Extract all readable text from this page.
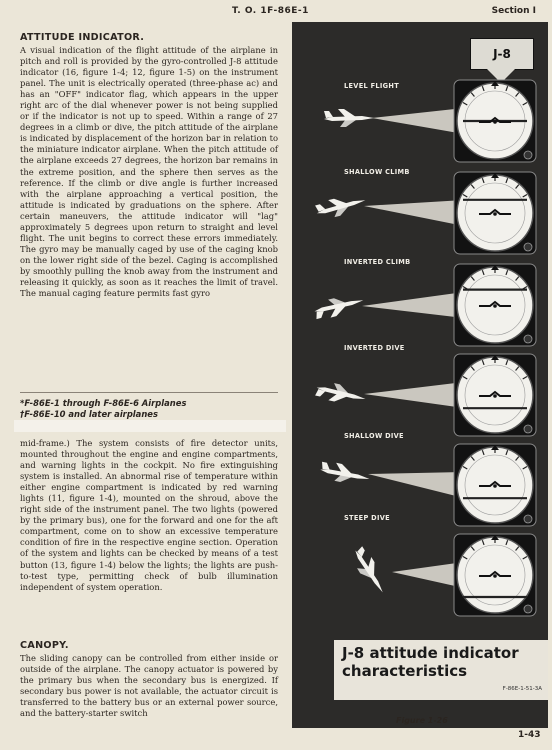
T. O. 1F-86E-1	Section I
ATTITUDE INDICATOR.

A visual indication of the flight attitude of the airplane in pitch and roll is provided by the gyro-controlled J-8 attitude indicator (16, figure 1-4; 12, figure 1-5) on the instrument panel. The unit is electrically operated (three-phase ac) and has an "OFF" indicator flag, which appears in the upper right arc of the dial whenever power is not being supplied or if the indicator is not up to speed. Within a range of 27 degrees in a climb or dive, the pitch attitude of the airplane is indicated by displacement of the horizon bar in relation to the miniature indicator airplane. When the pitch attitude of the airplane exceeds 27 degrees, the horizon bar remains in the extreme position, and the sphere then serves as the reference. If the climb or dive angle is further increased with the airplane approaching a vertical position, the attitude is indicated by graduations on the sphere. After certain maneuvers, the attitude indicator will "lag" approximately 5 degrees upon return to straight and level flight. The unit begins to correct these errors immediately. The gyro may be manually caged by use of the caging knob on the lower right side of the bezel. Caging is accomplished by smoothly pulling the knob away from the instrument and releasing it quickly, as soon as it reaches the limit of travel. The manual caging feature permits fast gyro

*F-86E-1 through F-86E-6 Airplanes
†F-86E-10 and later airplanes

mid-frame.) The system consists of fire detector units, mounted throughout the engine and engine compartments, and warning lights in the cockpit. No fire extinguishing system is installed. An abnormal rise of temperature within either engine compartment is indicated by red warning lights (11, figure 1-4), mounted on the shroud, above the right side of the instrument panel. The two lights (powered by the primary bus), one for the forward and one for the aft compartment, come on to show an excessive temperature condition of fire in the respective engine section. Operation of the system and lights can be checked by means of a test button (13, figure 1-4) below the lights; the lights are push-to-test type, permitting check of bulb illumination independent of system operation.

CANOPY.

The sliding canopy can be controlled from either inside or outside of the airplane. The canopy actuator is powered by the primary bus when the secondary bus is energized. If secondary bus power is not available, the actuator circuit is transferred to the battery bus or an external power source, and the battery-starter switch

J-8
LEVEL FLIGHT
SHALLOW CLIMB
INVERTED CLIMB
INVERTED DIVE
SHALLOW DIVE
STEEP DIVE
J-8 attitude indicator characteristics
F-86E-1-51-3A
Figure 1-26
1-43
